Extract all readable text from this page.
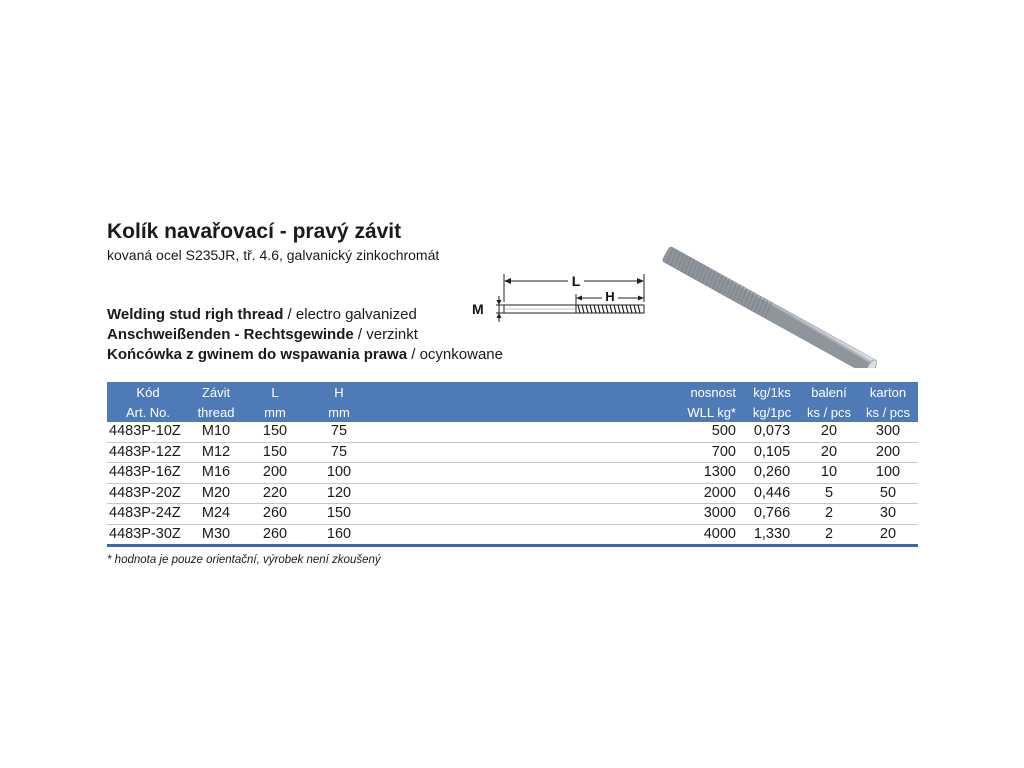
Kolík navařovací - pravý závit
kovaná ocel S235JR, tř. 4.6, galvanický zinkochromát
Welding stud righ thread / electro galvanized
Anschweißenden - Rechtsgewinde / verzinkt
Końcówka z gwinem do wspawania prawa / ocynkowane
L
H
M
Kód	Závit	L	H		nosnost	kg/1ks	balení	karton
Art. No.	thread	mm	mm		WLL kg*	kg/1pc	ks / pcs	ks / pcs
4483P-10Z	M10	150	75		500	0,073	20	300
4483P-12Z	M12	150	75		700	0,105	20	200
4483P-16Z	M16	200	100		1300	0,260	10	100
4483P-20Z	M20	220	120		2000	0,446	5	50
4483P-24Z	M24	260	150		3000	0,766	2	30
4483P-30Z	M30	260	160		4000	1,330	2	20
* hodnota je pouze orientační, výrobek není zkoušený
